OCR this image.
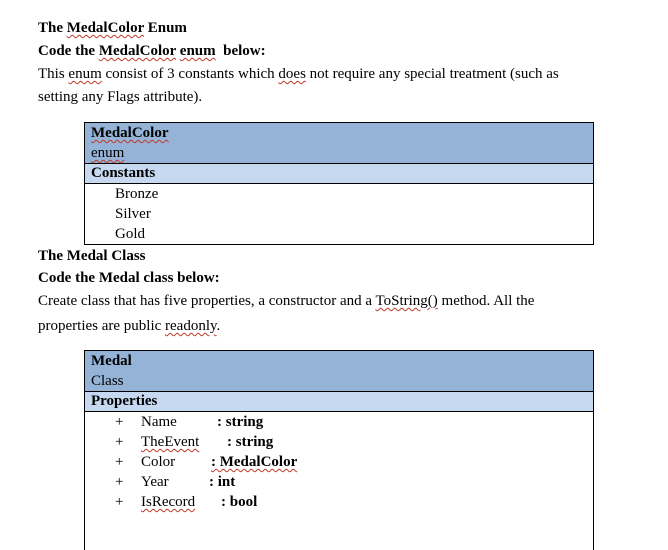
The MedalColor Enum
Code the MedalColor enum  below:
This enum consist of 3 constants which does not require any special treatment (such as
setting any Flags attribute).
MedalColor
enum
Constants
Bronze
Silver
Gold
The Medal Class
Code the Medal class below:
Create class that has five properties, a constructor and a ToString() method. All the
properties are public readonly.
Medal
Class
Properties
+ Name	: string
+ TheEvent : string
+ Color : MedalColor
+ Year	: int
+ IsRecord : bool
